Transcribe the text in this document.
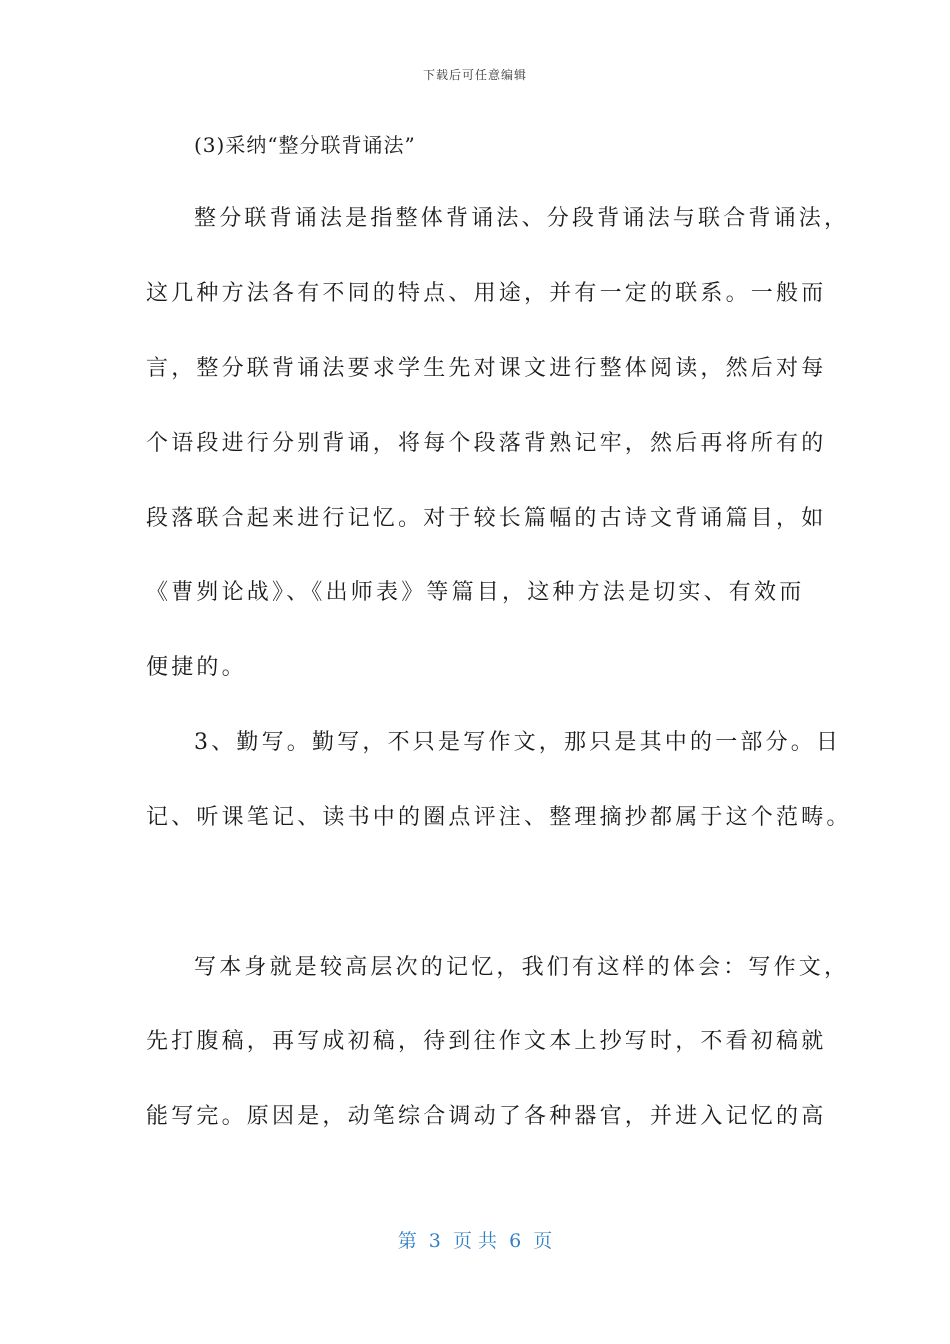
下载后可任意编辑
(3)采纳“整分联背诵法”
整分联背诵法是指整体背诵法、分段背诵法与联合背诵法，
这几种方法各有不同的特点、用途，并有一定的联系。一般而
言，整分联背诵法要求学生先对课文进行整体阅读，然后对每
个语段进行分别背诵，将每个段落背熟记牢，然后再将所有的
段落联合起来进行记忆。对于较长篇幅的古诗文背诵篇目，如
《曹刿论战》、《出师表》等篇目，这种方法是切实、有效而
便捷的。
3、勤写。勤写，不只是写作文，那只是其中的一部分。日
记、听课笔记、读书中的圈点评注、整理摘抄都属于这个范畴。
写本身就是较高层次的记忆，我们有这样的体会：写作文，
先打腹稿，再写成初稿，待到往作文本上抄写时，不看初稿就
能写完。原因是，动笔综合调动了各种器官，并进入记忆的高
第  3  页 共  6  页
